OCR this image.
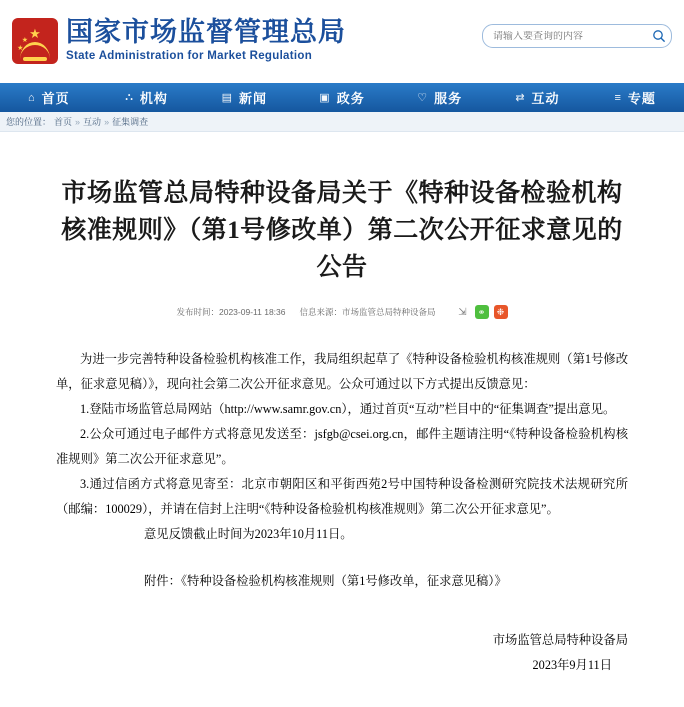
★
★
★
国家市场监督管理总局
State Administration for Market Regulation
请输入要查询的内容
⌂ 首页	⛬ 机构	▤ 新闻	▣ 政务	♡ 服务	⇄ 互动	≡ 专题
您的位置： 首页 » 互动 » 征集调查
市场监管总局特种设备局关于《特种设备检验机构核准规则》（第1号修改单）第二次公开征求意见的公告
发布时间：2023-09-11 18:36 信息来源：市场监管总局特种设备局 ⇲	⚭	❉

为进一步完善特种设备检验机构核准工作，我局组织起草了《特种设备检验机构核准规则（第1号修改单，征求意见稿）》，现向社会第二次公开征求意见。公众可通过以下方式提出反馈意见：

1.登陆市场监管总局网站（http://www.samr.gov.cn），通过首页“互动”栏目中的“征集调查”提出意见。

2.公众可通过电子邮件方式将意见发送至：jsfgb@csei.org.cn，邮件主题请注明“《特种设备检验机构核准规则》第二次公开征求意见”。

3.通过信函方式将意见寄至：北京市朝阳区和平街西苑2号中国特种设备检测研究院技术法规研究所（邮编：100029），并请在信封上注明“《特种设备检验机构核准规则》第二次公开征求意见”。

意见反馈截止时间为2023年10月11日。

附件：《特种设备检验机构核准规则（第1号修改单，征求意见稿）》

市场监管总局特种设备局
2023年9月11日
